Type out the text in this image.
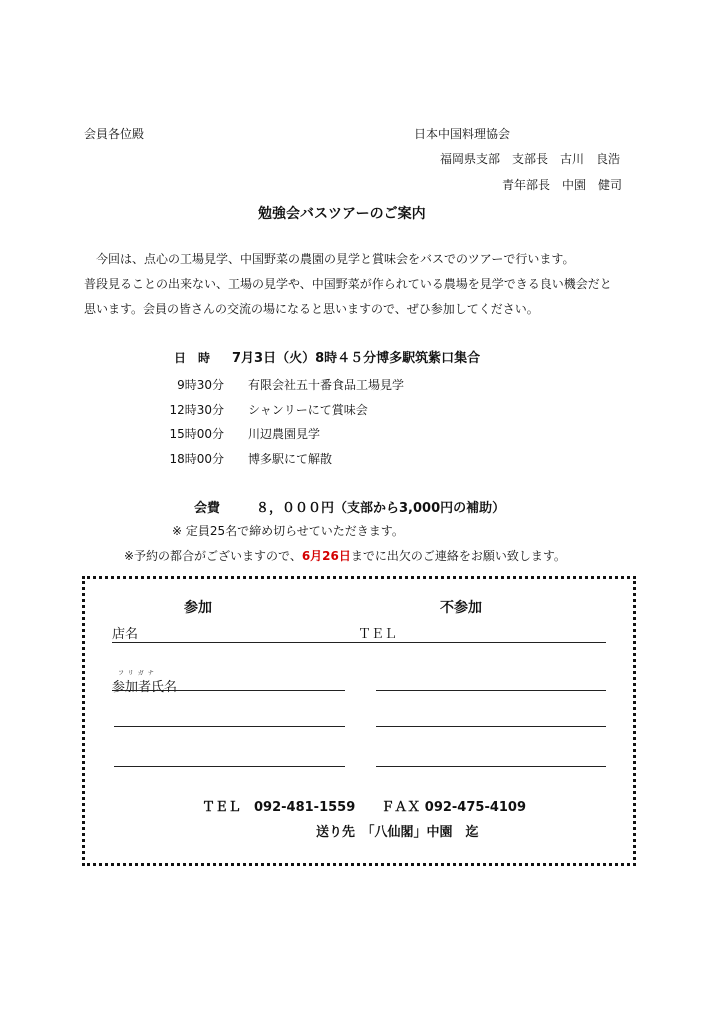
会員各位殿	日本中国料理協会
福岡県支部　支部長　古川　良浩
青年部長　中園　健司
勉強会バスツアーのご案内
今回は、点心の工場見学、中国野菜の農園の見学と賞味会をバスでのツアーで行います。
普段見ることの出来ない、工場の見学や、中国野菜が作られている農場を見学できる良い機会だと
思います。会員の皆さんの交流の場になると思いますので、ぜひ参加してください。
日　時 7月3日（火）8時４５分博多駅筑紫口集合
9時30分 有限会社五十番食品工場見学
12時30分 シャンリーにて賞味会
15時00分 川辺農園見学
18時00分 博多駅にて解散
会費	８，０００円（支部から3,000円の補助）
※ 定員25名で締め切らせていただきます。
※予約の都合がございますので、6月26日までに出欠のご連絡をお願い致します。
参加	不参加
店名	ＴＥＬ
フリガナ
参加者氏名
ＴＥＬ　092-481-1559　　ＦＡＸ 092-475-4109
送り先　「八仙閣」中園　迄
